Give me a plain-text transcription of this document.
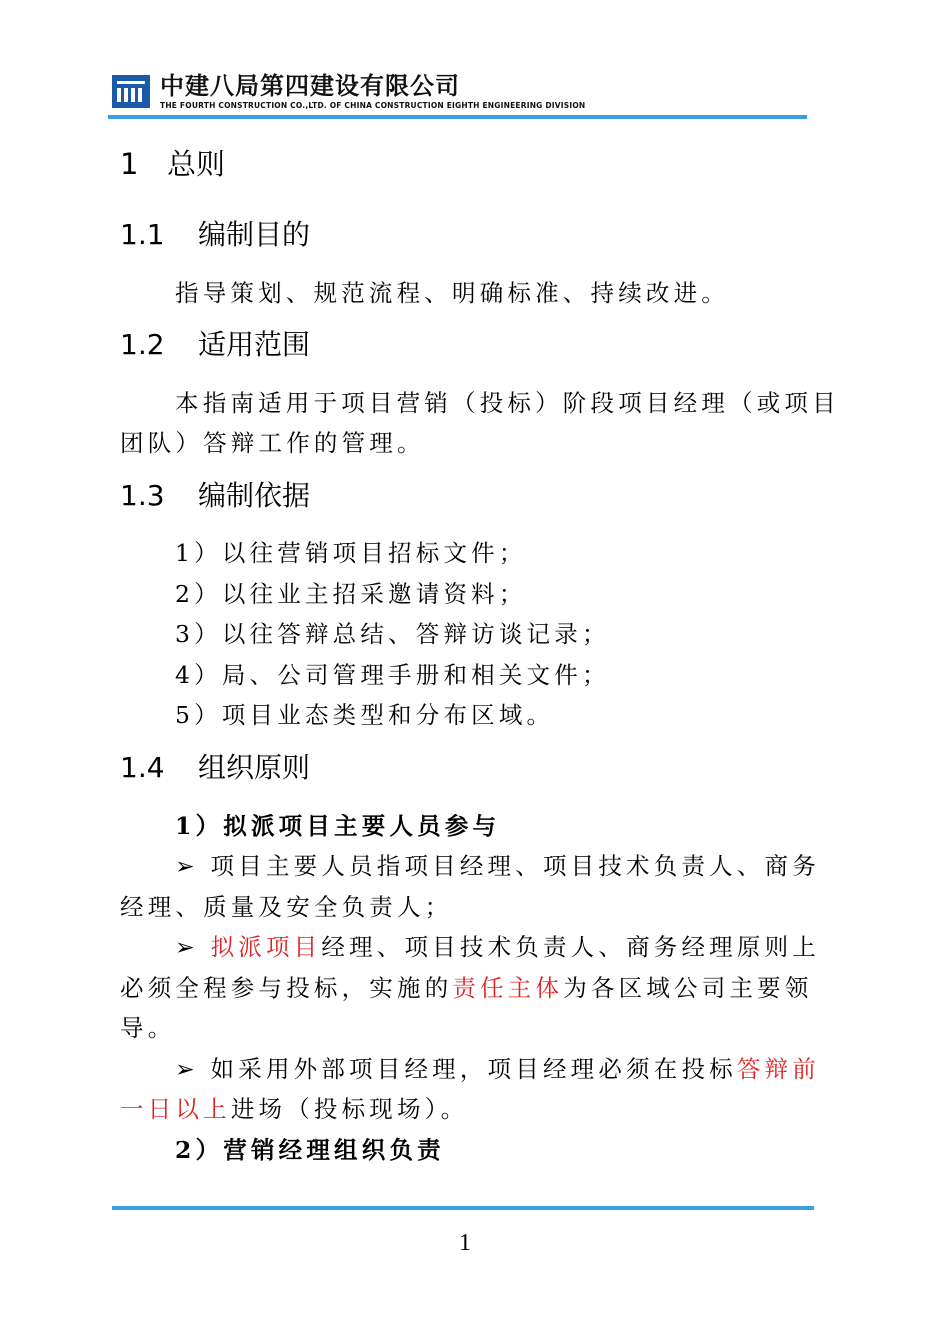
中建八局第四建设有限公司
THE FOURTH CONSTRUCTION CO.,LTD. OF CHINA CONSTRUCTION EIGHTH ENGINEERING DIVISION
1 总则
1.1 编制目的
指导策划、规范流程、明确标准、持续改进。
1.2 适用范围
本指南适用于项目营销（投标）阶段项目经理（或项目
团队）答辩工作的管理。
1.3 编制依据
1）以往营销项目招标文件；
2）以往业主招采邀请资料；
3）以往答辩总结、答辩访谈记录；
4）局、公司管理手册和相关文件；
5）项目业态类型和分布区域。
1.4 组织原则
1）拟派项目主要人员参与
➢ 项目主要人员指项目经理、项目技术负责人、商务
经理、质量及安全负责人；
➢ 拟派项目经理、项目技术负责人、商务经理原则上
必须全程参与投标，实施的责任主体为各区域公司主要领
导。
➢ 如采用外部项目经理，项目经理必须在投标答辩前
一日以上进场（投标现场）。
2）营销经理组织负责
1
